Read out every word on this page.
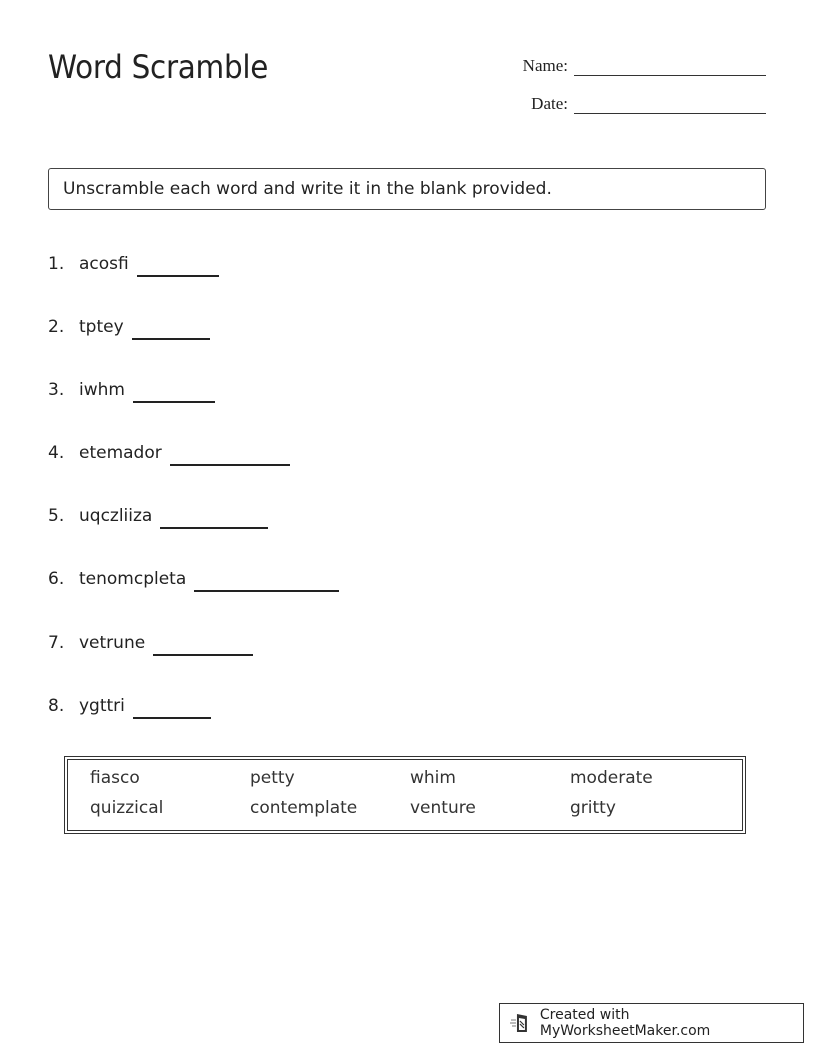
Word Scramble	Name:
Date:
Unscramble each word and write it in the blank provided.
1. acosfi
2. tptey
3. iwhm
4. etemador
5. uqczliiza
6. tenomcpleta
7. vetrune
8. ygttri
fiasco	petty	whim	moderate
quizzical	contemplate	venture	gritty
Created with MyWorksheetMaker.com
